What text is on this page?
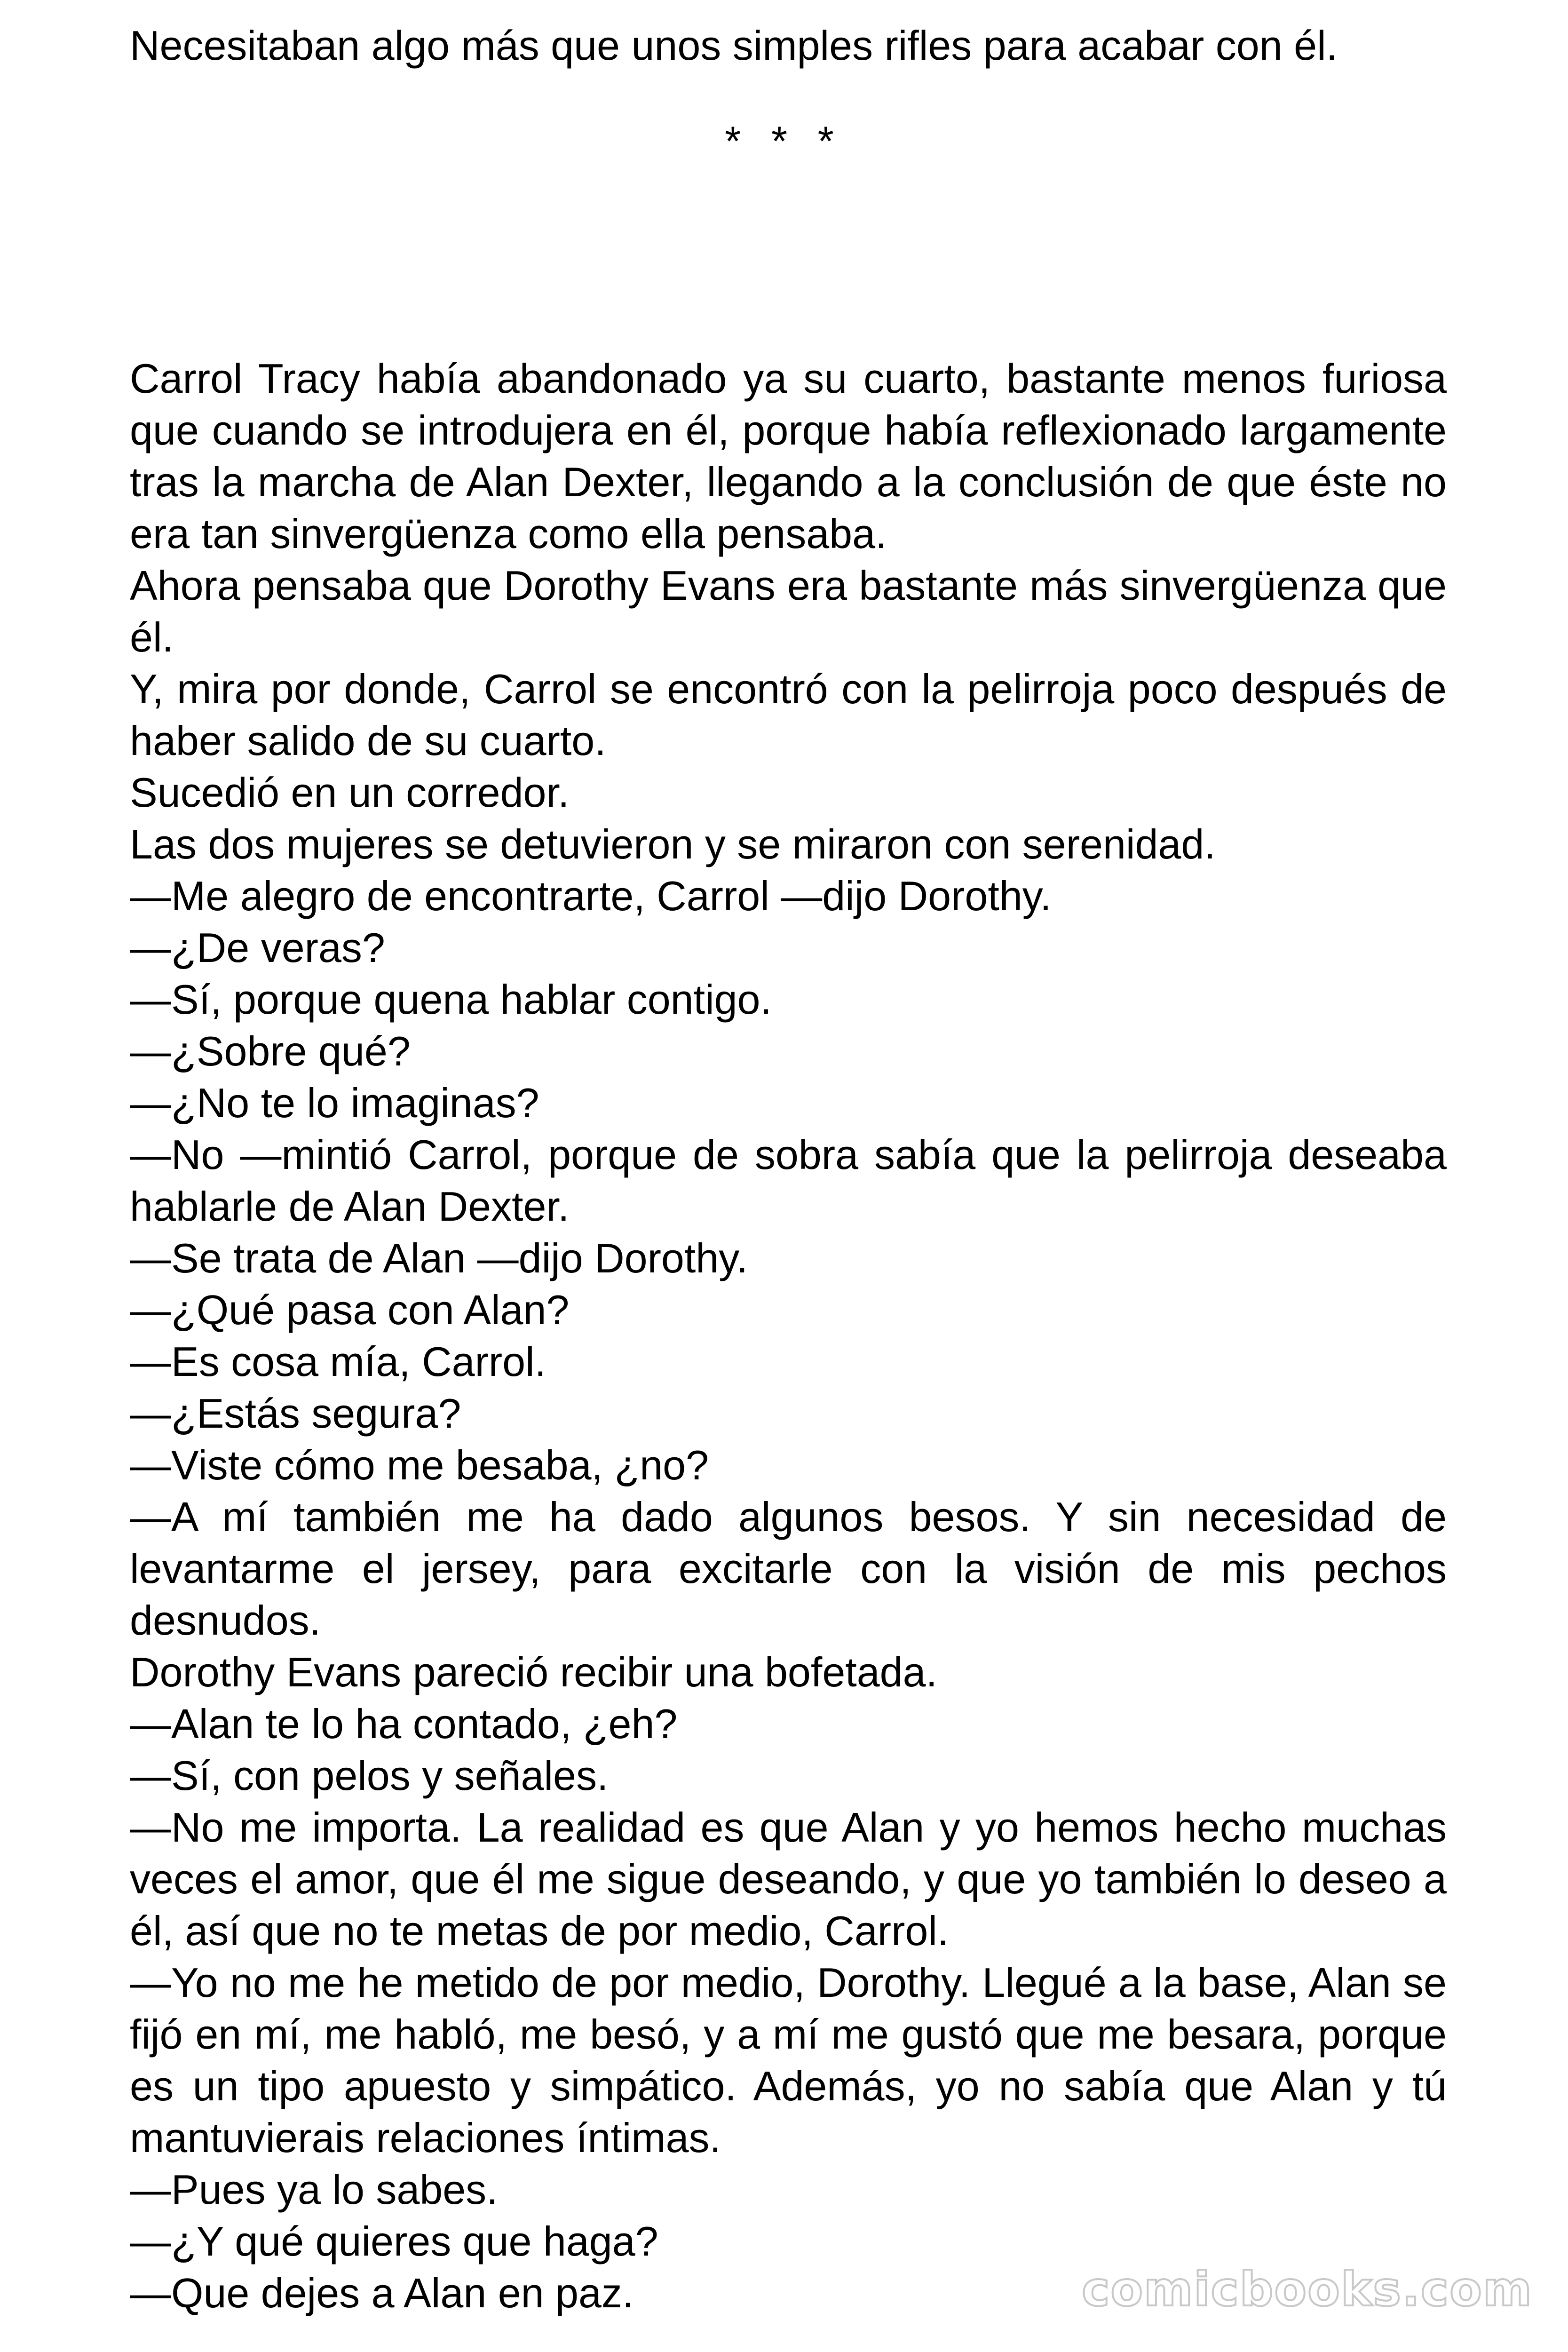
Necesitaban algo más que unos simples rifles para acabar con él.

* * *

Carrol Tracy había abandonado ya su cuarto, bastante menos furiosa que cuando se introdujera en él, porque había reflexionado largamente tras la marcha de Alan Dexter, llegando a la conclusión de que éste no era tan sinvergüenza como ella pensaba.

Ahora pensaba que Dorothy Evans era bastante más sinvergüenza que él.

Y, mira por donde, Carrol se encontró con la pelirroja poco después de haber salido de su cuarto.

Sucedió en un corredor.

Las dos mujeres se detuvieron y se miraron con serenidad.

—Me alegro de encontrarte, Carrol —dijo Dorothy.

—¿De veras?

—Sí, porque quena hablar contigo.

—¿Sobre qué?

—¿No te lo imaginas?

—No —mintió Carrol, porque de sobra sabía que la pelirroja deseaba hablarle de Alan Dexter.

—Se trata de Alan —dijo Dorothy.

—¿Qué pasa con Alan?

—Es cosa mía, Carrol.

—¿Estás segura?

—Viste cómo me besaba, ¿no?

—A mí también me ha dado algunos besos. Y sin necesidad de levantarme el jersey, para excitarle con la visión de mis pechos desnudos.

Dorothy Evans pareció recibir una bofetada.

—Alan te lo ha contado, ¿eh?

—Sí, con pelos y señales.

—No me importa. La realidad es que Alan y yo hemos hecho muchas veces el amor, que él me sigue deseando, y que yo también lo deseo a él, así que no te metas de por medio, Carrol.

—Yo no me he metido de por medio, Dorothy. Llegué a la base, Alan se fijó en mí, me habló, me besó, y a mí me gustó que me besara, porque es un tipo apuesto y simpático. Además, yo no sabía que Alan y tú mantuvierais relaciones íntimas.

—Pues ya lo sabes.

—¿Y qué quieres que haga?

—Que dejes a Alan en paz.	comicbooks.com
